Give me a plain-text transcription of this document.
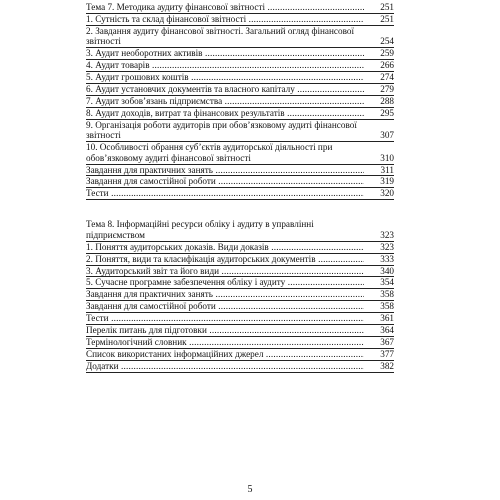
Тема 7. Методика аудиту фінансової звітності .....	251
1. Сутність та склад фінансової звітності .....	251
2. Завдання аудиту фінансової звітності. Загальний огляд фінансової звітності	254
3. Аудит необоротних активів .....	259
4. Аудит товарів .....	266
5. Аудит грошових коштів .....	274
6. Аудит установчих документів та власного капіталу .....	279
7. Аудит зобов’язань підприємства .....	288
8. Аудит доходів, витрат та фінансових результатів .....	295
9. Організація роботи аудиторів при обов’язковому аудиті фінансової звітності	307
10. Особливості обрання суб’єктів аудиторської діяльності при обов’язковому аудиті фінансової звітності	310
Завдання для практичних занять .....	311
Завдання для самостійної роботи .....	319
Тести .....	320
Тема 8. Інформаційні ресурси обліку і аудиту в управлінні підприємством	323
1. Поняття аудиторських доказів. Види доказів .....	323
2. Поняття, види та класифікація аудиторських документів .....	333
3. Аудиторський звіт та його види .....	340
5. Сучасне програмне забезпечення обліку і аудиту .....	354
Завдання для практичних занять .....	358
Завдання для самостійної роботи .....	358
Тести .....	361
Перелік питань для підготовки .....	364
Термінологічний словник .....	367
Список використаних інформаційних джерел .....	377
Додатки .....	382
5
